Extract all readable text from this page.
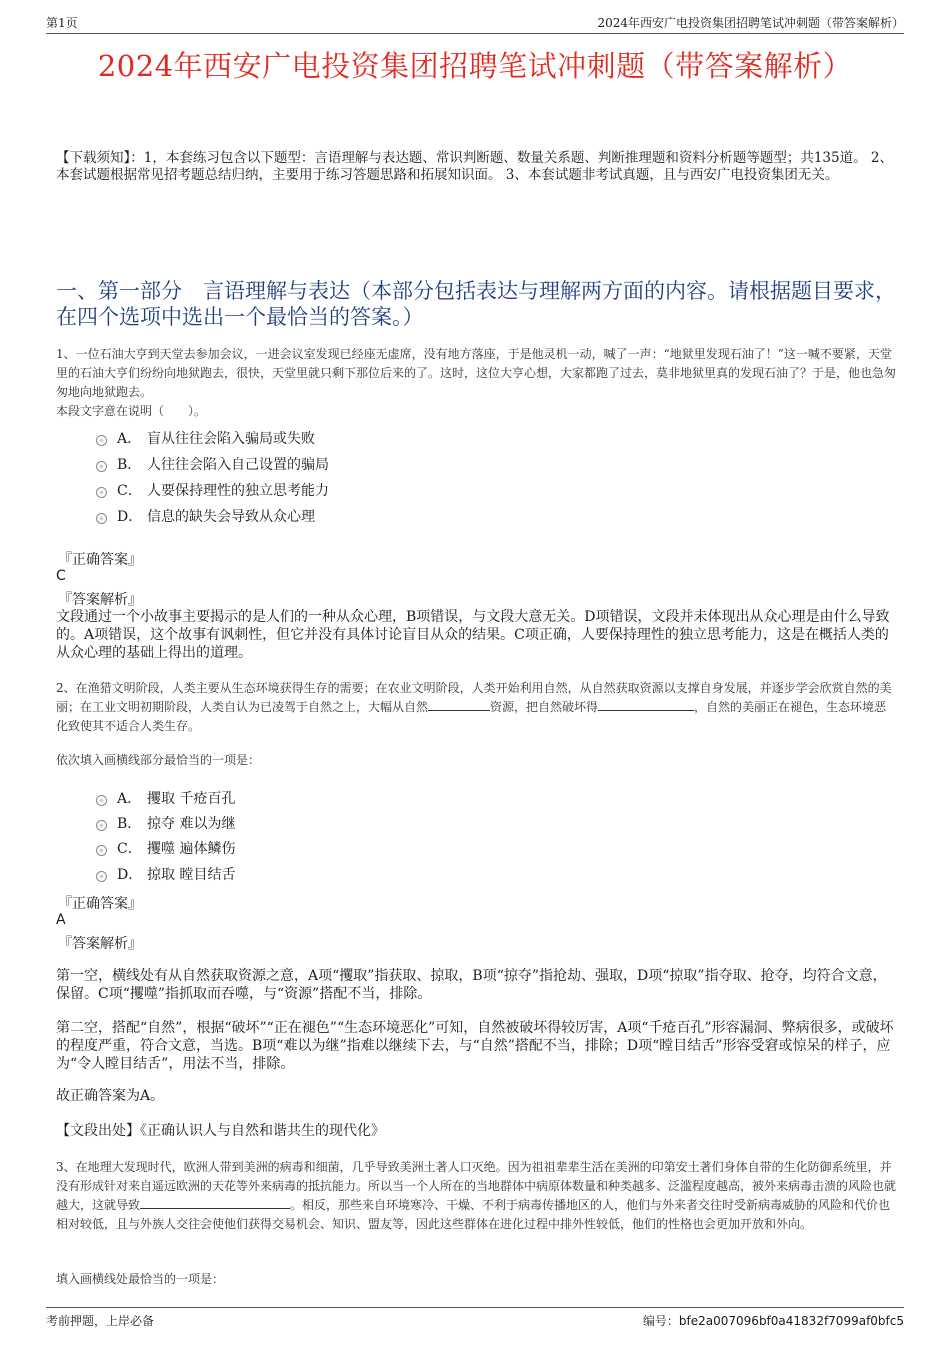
第1页	2024年西安广电投资集团招聘笔试冲刺题（带答案解析）
2024年西安广电投资集团招聘笔试冲刺题（带答案解析）
【下载须知】：1，本套练习包含以下题型：言语理解与表达题、常识判断题、数量关系题、判断推理题和资料分析题等题型；共135道。 2、本套试题根据常见招考题总结归纳，主要用于练习答题思路和拓展知识面。 3、本套试题非考试真题，且与西安广电投资集团无关。
一、第一部分　言语理解与表达（本部分包括表达与理解两方面的内容。请根据题目要求，在四个选项中选出一个最恰当的答案。）
1、一位石油大亨到天堂去参加会议，一进会议室发现已经座无虚席，没有地方落座，于是他灵机一动，喊了一声：“地狱里发现石油了！”这一喊不要紧，天堂里的石油大亨们纷纷向地狱跑去，很快，天堂里就只剩下那位后来的了。这时，这位大亨心想，大家都跑了过去，莫非地狱里真的发现石油了？于是，他也急匆匆地向地狱跑去。
本段文字意在说明（　　）。
A． 盲从往往会陷入骗局或失败
B． 人往往会陷入自己设置的骗局
C． 人要保持理性的独立思考能力
D． 信息的缺失会导致从众心理
『正确答案』
C
『答案解析』
文段通过一个小故事主要揭示的是人们的一种从众心理，B项错误，与文段大意无关。D项错误，文段并未体现出从众心理是由什么导致的。A项错误，这个故事有讽刺性，但它并没有具体讨论盲目从众的结果。C项正确，人要保持理性的独立思考能力，这是在概括人类的从众心理的基础上得出的道理。
2、在渔猎文明阶段，人类主要从生态环境获得生存的需要；在农业文明阶段，人类开始利用自然，从自然获取资源以支撑自身发展，并逐步学会欣赏自然的美丽；在工业文明初期阶段，人类自认为已凌驾于自然之上，大幅从自然	资源，把自然破坏得	，自然的美丽正在褪色，生态环境恶化致使其不适合人类生存。
依次填入画横线部分最恰当的一项是：
A． 攫取 千疮百孔
B． 掠夺 难以为继
C． 攫噬 遍体鳞伤
D． 掠取 瞠目结舌
『正确答案』
A
『答案解析』
第一空，横线处有从自然获取资源之意，A项“攫取”指获取、掠取，B项“掠夺”指抢劫、强取，D项“掠取”指夺取、抢夺，均符合文意，保留。C项“攫噬”指抓取而吞噬，与“资源”搭配不当，排除。
第二空，搭配“自然”，根据“破坏”“正在褪色”“生态环境恶化”可知，自然被破坏得较厉害，A项“千疮百孔”形容漏洞、弊病很多，或破坏的程度严重，符合文意，当选。B项“难以为继”指难以继续下去，与“自然”搭配不当，排除；D项“瞠目结舌”形容受窘或惊呆的样子，应为“令人瞠目结舌”，用法不当，排除。
故正确答案为A。
【文段出处】《正确认识人与自然和谐共生的现代化》
3、在地理大发现时代，欧洲人带到美洲的病毒和细菌，几乎导致美洲土著人口灭绝。因为祖祖辈辈生活在美洲的印第安土著们身体自带的生化防御系统里，并没有形成针对来自遥远欧洲的天花等外来病毒的抵抗能力。所以当一个人所在的当地群体中病原体数量和种类越多、泛滥程度越高，被外来病毒击溃的风险也就越大，这就导致	。相反，那些来自环境寒冷、干燥、不利于病毒传播地区的人，他们与外来者交往时受新病毒威胁的风险和代价也相对较低，且与外族人交往会使他们获得交易机会、知识、盟友等，因此这些群体在进化过程中排外性较低，他们的性格也会更加开放和外向。
填入画横线处最恰当的一项是：
考前押题，上岸必备	编号：bfe2a007096bf0a41832f7099af0bfc5
